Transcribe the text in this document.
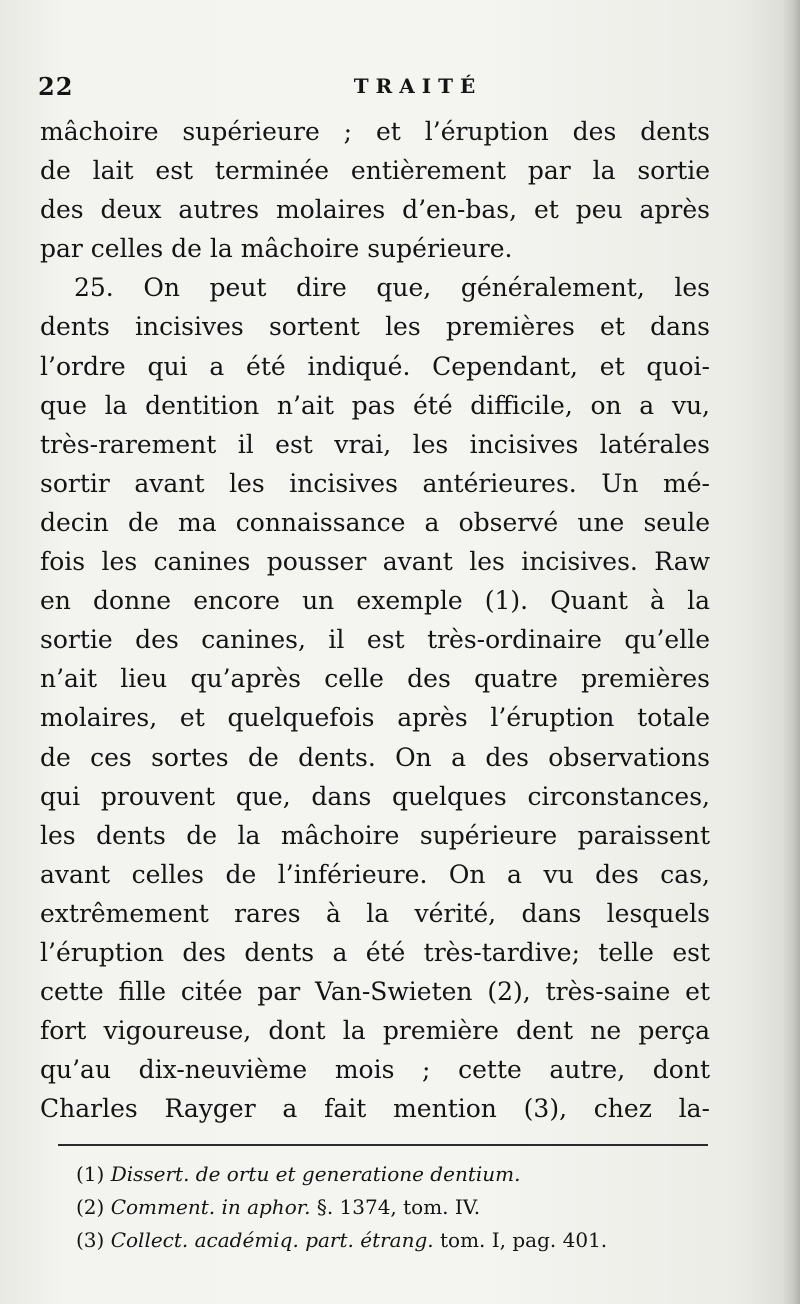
22	TRAITÉ
mâchoire supérieure ; et l’éruption des dents
de lait est terminée entièrement par la sortie
des deux autres molaires d’en-bas, et peu après
par celles de la mâchoire supérieure.
25. On peut dire que, généralement, les
dents incisives sortent les premières et dans
l’ordre qui a été indiqué. Cependant, et quoi-
que la dentition n’ait pas été difficile, on a vu,
très-rarement il est vrai, les incisives latérales
sortir avant les incisives antérieures. Un mé-
decin de ma connaissance a observé une seule
fois les canines pousser avant les incisives. Raw
en donne encore un exemple (1). Quant à la
sortie des canines, il est très-ordinaire qu’elle
n’ait lieu qu’après celle des quatre premières
molaires, et quelquefois après l’éruption totale
de ces sortes de dents. On a des observations
qui prouvent que, dans quelques circonstances,
les dents de la mâchoire supérieure paraissent
avant celles de l’inférieure. On a vu des cas,
extrêmement rares à la vérité, dans lesquels
l’éruption des dents a été très-tardive; telle est
cette fille citée par Van-Swieten (2), très-saine et
fort vigoureuse, dont la première dent ne perça
qu’au dix-neuvième mois ; cette autre, dont
Charles Rayger a fait mention (3), chez la-
(1) Dissert. de ortu et generatione dentium.
(2) Comment. in aphor. §. 1374, tom. IV.
(3) Collect. académiq. part. étrang. tom. I, pag. 401.
